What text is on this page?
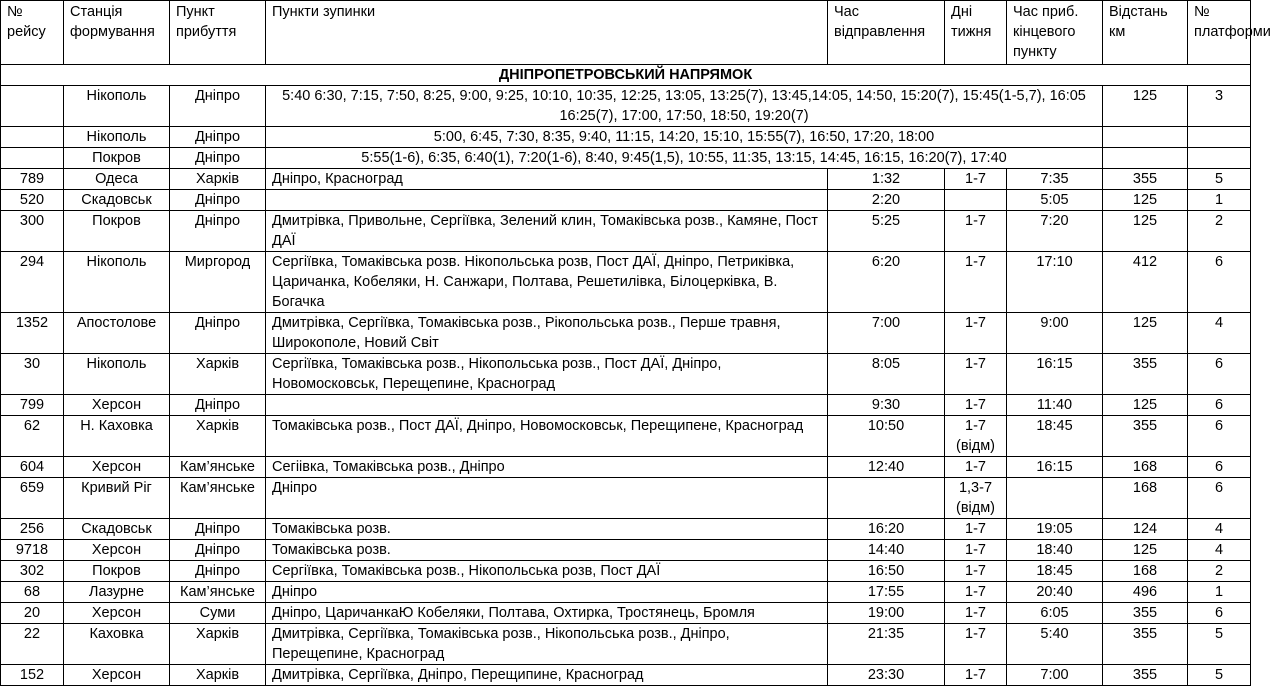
№ рейсу	Станція формування	Пункт прибуття	Пункти зупинки	Час відправлення	Дні тижня	Час приб. кінцевого пункту	Відстань км	№ платформи
ДНІПРОПЕТРОВСЬКИЙ НАПРЯМОК								
	Нікополь	Дніпро	5:40 6:30, 7:15, 7:50, 8:25, 9:00, 9:25, 10:10, 10:35, 12:25, 13:05, 13:25(7), 13:45,14:05, 14:50, 15:20(7), 15:45(1-5,7), 16:05 16:25(7), 17:00, 17:50, 18:50, 19:20(7)				125	3
	Нікополь	Дніпро	5:00, 6:45, 7:30, 8:35, 9:40, 11:15, 14:20, 15:10, 15:55(7), 16:50, 17:20, 18:00					
	Покров	Дніпро	5:55(1-6), 6:35, 6:40(1), 7:20(1-6), 8:40, 9:45(1,5), 10:55, 11:35, 13:15, 14:45, 16:15, 16:20(7), 17:40					
789	Одеса	Харків	Дніпро, Красноград	1:32	1-7	7:35	355	5
520	Скадовськ	Дніпро		2:20		5:05	125	1
300	Покров	Дніпро	Дмитрівка, Привольне, Сергіївка, Зелений клин, Томаківська розв., Камяне, Пост ДАЇ	5:25	1-7	7:20	125	2
294	Нікополь	Миргород	Сергіївка, Томаківська розв. Нікопольська розв, Пост ДАЇ, Дніпро, Петриківка, Царичанка, Кобеляки, Н. Санжари, Полтава, Решетилівка, Білоцерківка, В. Богачка	6:20	1-7	17:10	412	6
1352	Апостолове	Дніпро	Дмитрівка, Сергіївка, Томаківська розв., Рікопольська розв., Перше травня, Широкополе, Новий Світ	7:00	1-7	9:00	125	4
30	Нікополь	Харків	Сергіївка, Томаківська розв., Нікопольська розв., Пост ДАЇ, Дніпро, Новомосковськ, Перещепине, Красноград	8:05	1-7	16:15	355	6
799	Херсон	Дніпро		9:30	1-7	11:40	125	6
62	Н. Каховка	Харків	Томаківська розв., Пост ДАЇ, Дніпро, Новомосковськ, Перещипене, Красноград	10:50	1-7 (відм)	18:45	355	6
604	Херсон	Кам’янське	Сегіівка, Томаківська розв., Дніпро	12:40	1-7	16:15	168	6
659	Кривий Ріг	Кам’янське	Дніпро		1,3-7 (відм)		168	6
256	Скадовськ	Дніпро	Томаківська розв.	16:20	1-7	19:05	124	4
9718	Херсон	Дніпро	Томаківська розв.	14:40	1-7	18:40	125	4
302	Покров	Дніпро	Сергіївка, Томаківська розв., Нікопольська розв, Пост ДАЇ	16:50	1-7	18:45	168	2
68	Лазурне	Кам’янське	Дніпро	17:55	1-7	20:40	496	1
20	Херсон	Суми	Дніпро, ЦаричанкаЮ Кобеляки, Полтава, Охтирка, Тростянець, Бромля	19:00	1-7	6:05	355	6
22	Каховка	Харків	Дмитрівка, Сергіївка, Томаківська розв., Нікопольська розв., Дніпро, Перещепине, Красноград	21:35	1-7	5:40	355	5
152	Херсон	Харків	Дмитрівка, Сергіївка, Дніпро, Перещипине, Красноград	23:30	1-7	7:00	355	5
